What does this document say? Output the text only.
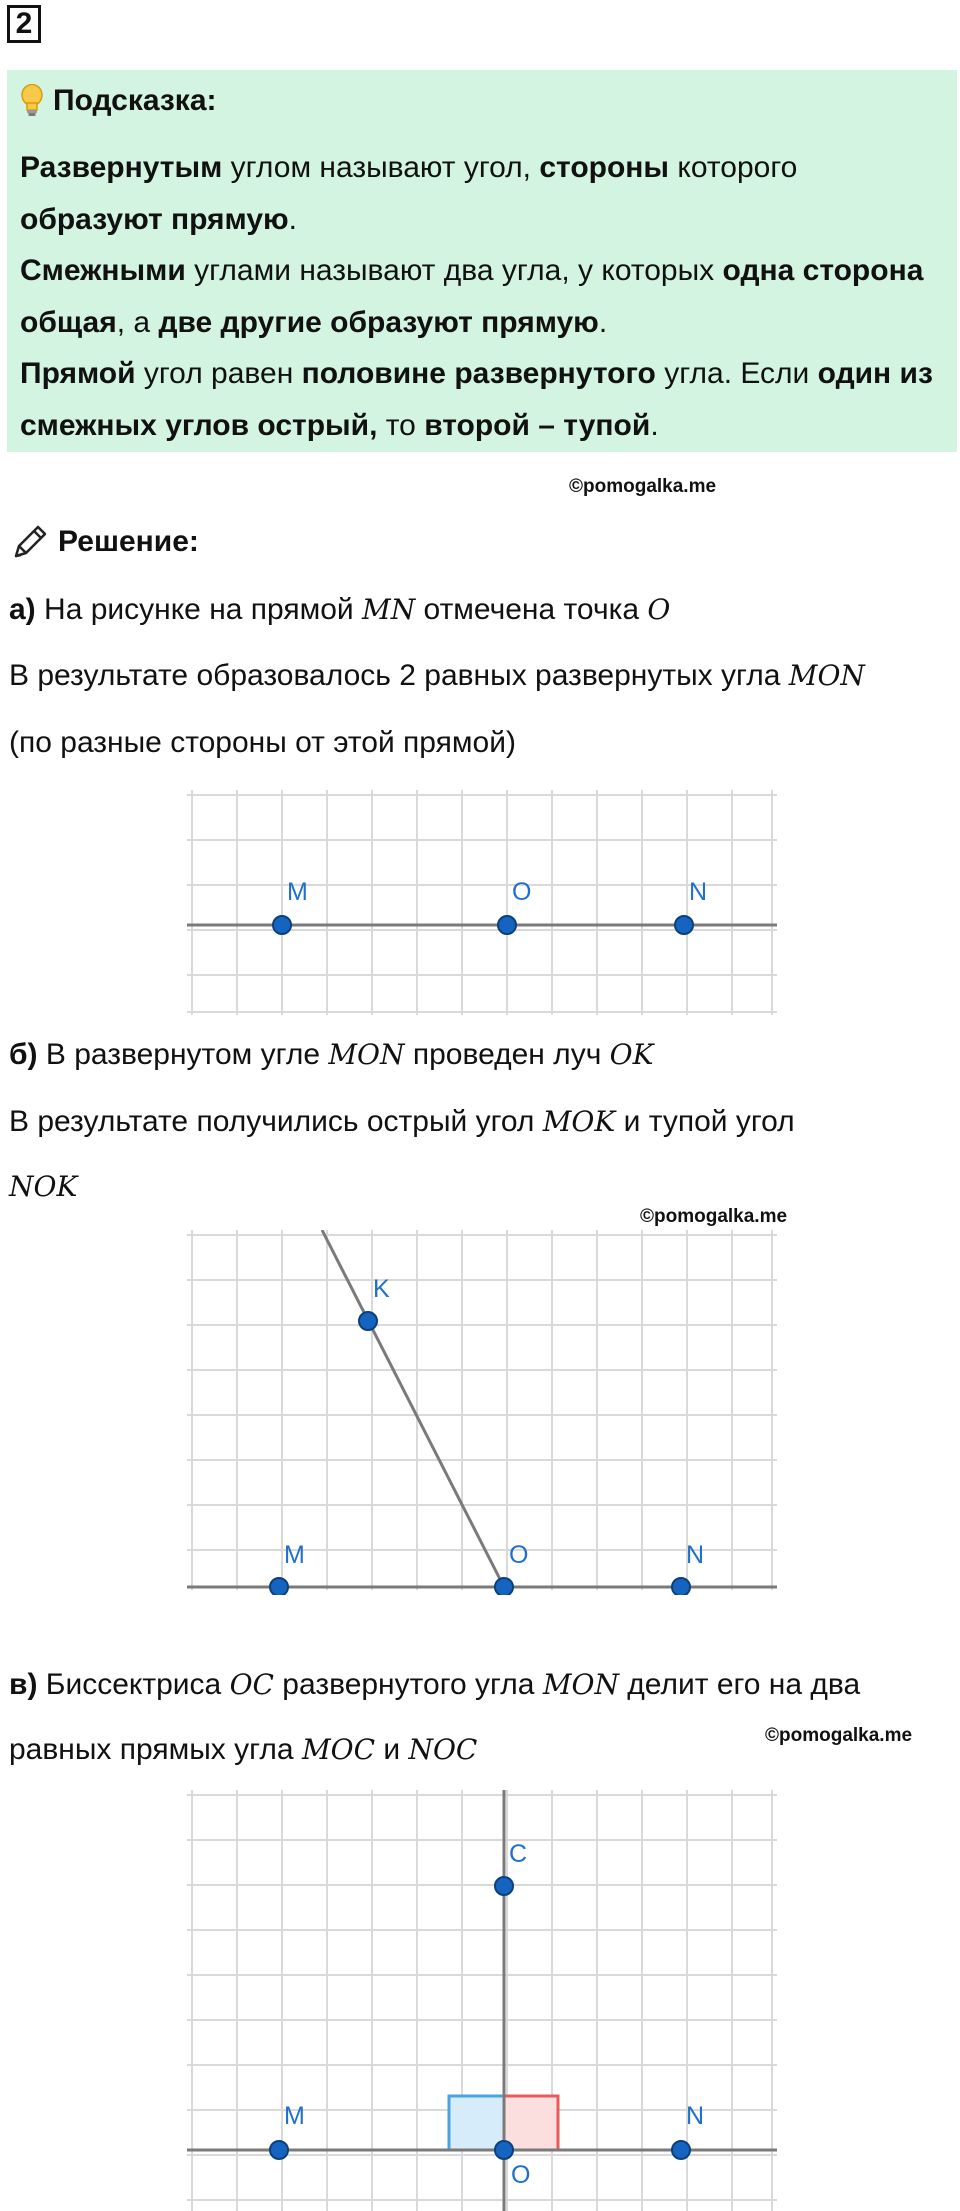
2
Подсказка:

Развернутым углом называют угол, стороны которого образуют прямую.

Смежными углами называют два угла, у которых одна сторона общая, а две другие образуют прямую.

Прямой угол равен половине развернутого угла. Если один из смежных углов острый, то второй – тупой.

©pomogalka.me
Решение:
а) На рисунке на прямой MN отмечена точка O
В результате образовалось 2 равных развернутых угла MON
(по разные стороны от этой прямой)
M	O	N
б) В развернутом угле MON проведен луч OK
В результате получились острый угол MOK и тупой угол
NOK
©pomogalka.me
M	O	N
K
в) Биссектриса OC развернутого угла MON делит его на два
равных прямых угла MOC и NOC	©pomogalka.me
M
O
N
C
